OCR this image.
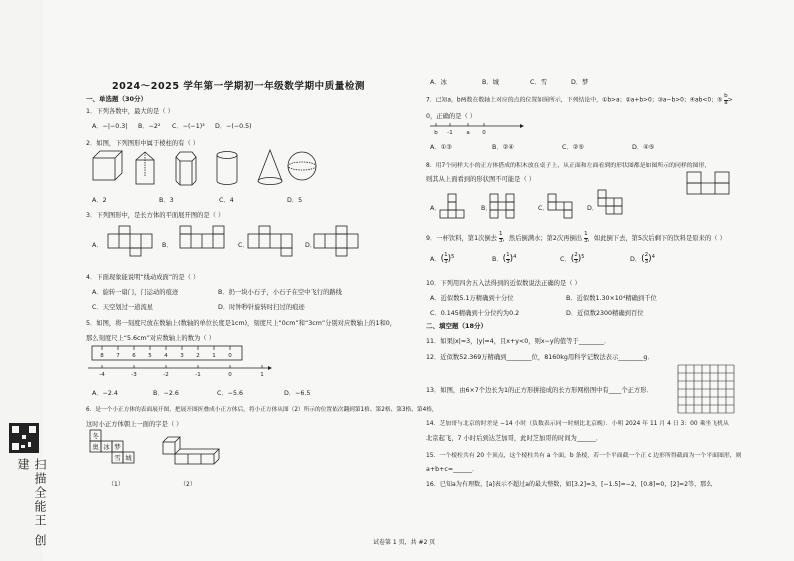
扫描全能王 创建
2024～2025 学年第一学期初一年级数学期中质量检测
一、单选题（30分）
1．下列各数中，最大的是（ ）
A．−|−0.3| B．−2² C．−(−1)³ D．−(−0.5)
2．如图，下列图形中属于棱柱的有（ ）
A．2	B．3	C．4	D．5
3．下列图形中，是长方体的平面展开图的是（ ）
A．	B．	C．	D．
4．下面现象能说明“线动成面”的是（ ）
A．旋转一扇门，门运动的痕迹	B．扔一块小石子，小石子在空中飞行的路线
C．天空划过一道流星	D．时钟秒针旋转时扫过的痕迹
5．如图，将一刻度尺放在数轴上(数轴的单位长度是1cm)，刻度尺上“0cm”和“3cm”分别对应数轴上的1和0，
那么刻度尺上“5.6cm”对应数轴上的数为（ ）
8 7 6 5 4 3 2 1 0
-4	-3	-2	-1	0	1
A．−2.4	B．−2.6	C．−5.6	D．−6.5
6．是一个小正方体的表面展开图，把展开图折叠成小正方体后，将小正方体从图（2）所示的位置依次翻到第1格、第2格、第3格、第4格，
这时小正方体朝上一面的字是（ ）
冬
奥 冰 梦
雪 城
（1）	（2）
A．冰	B．城	C．雪	D．梦
7．已知a，b两数在数轴上对应的点的位置如图所示，下列结论中，①b>a；②a+b>0；③a−b>0；④ab<0；⑤ $\frac{b}{a}$ >
0，正确的是（ ）
b -1 a 0
A．①③	B．②④	C．②⑤	D．④⑤
8．用7个同样大小的正方体搭成的积木放在桌子上，从正面和左面看到的形状图都是如图所示的同样的图形，
则其从上面看到的形状图不可能是（ ）
A．	B．	C．	D．
9．一杯饮料，第1次倒去 $\frac{1}{3}$ ，然后倒满水；第2次再倒出 $\frac{1}{3}$ ，如此倒下去，第5次后剩下的饮料是原来的（ ）
A．( $\frac{1}{3} )^5$	B．( $\frac{1}{3} )^4$	C．( $\frac{2}{3} )^5$	D．( $\frac{2}{3} )^4$
10．下列用四舍五入法得到的近似数说法正确的是（ ）
A．近似数5.1万精确到十分位	B．近似数1.30×10⁴精确到千位
C．0.145精确到十分位约为0.2	D．近似数2300精确到百位
二、填空题（18分）
11．如果|x|=3，|y|=4，且x+y<0，则x−y的值等于________．
12．近似数52.369万精确到________位，8160kg用科学记数法表示________g．
13．如图，由6×7个边长为1的正方形拼接成的长方形网格图中有____个正方形．
14．芝加哥与北京的时差是 −14 小时（负数表示同一时刻比北京晚）．小明 2024 年 11 月 4 日 3：00 乘坐飞机从
北京起飞，7 小时后到达芝加哥，此时芝加哥的时间为______．
15．一个棱柱共有 20 个顶点，这个棱柱共有 a 个面，b 条棱，若一个平面截一个正 c 边形所得截面为一个平面图形，则
a+b+c=______．
16．已知a为有理数，[a]表示不超过a的最大整数，如[3.2]=3，[−1.5]=−2，[0.8]=0，[2]=2等，那么
试卷第 1 页，共 #2 页
